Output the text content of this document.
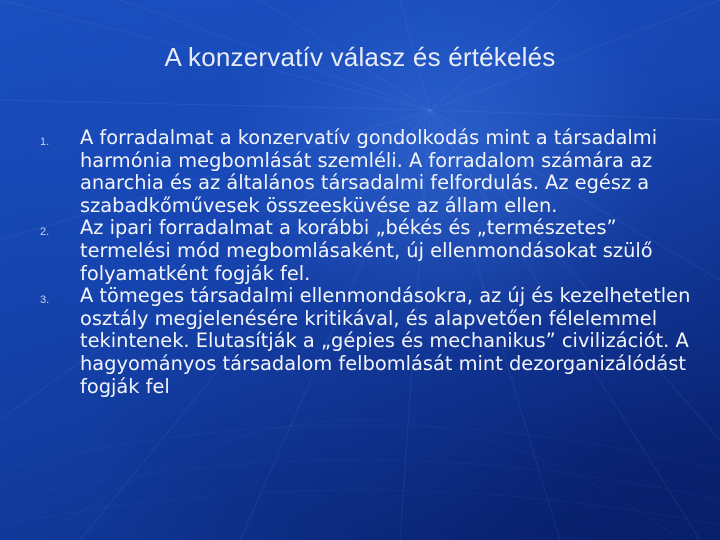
A konzervatív válasz és értékelés
1. A forradalmat a konzervatív gondolkodás mint a társadalmi harmónia megbomlását szemléli. A forradalom számára az anarchia és az általános társadalmi felfordulás. Az egész a szabadkőművesek összeesküvése az állam ellen.
2. Az ipari forradalmat a korábbi „békés és „természetes” termelési mód megbomlásaként, új ellenmondásokat szülő folyamatként fogják fel.
3. A tömeges társadalmi ellenmondásokra, az új és kezelhetetlen osztály megjelenésére kritikával, és alapvetően félelemmel tekintenek. Elutasítják a „gépies és mechanikus” civilizációt. A hagyományos társadalom felbomlását mint dezorganizálódást fogják fel
